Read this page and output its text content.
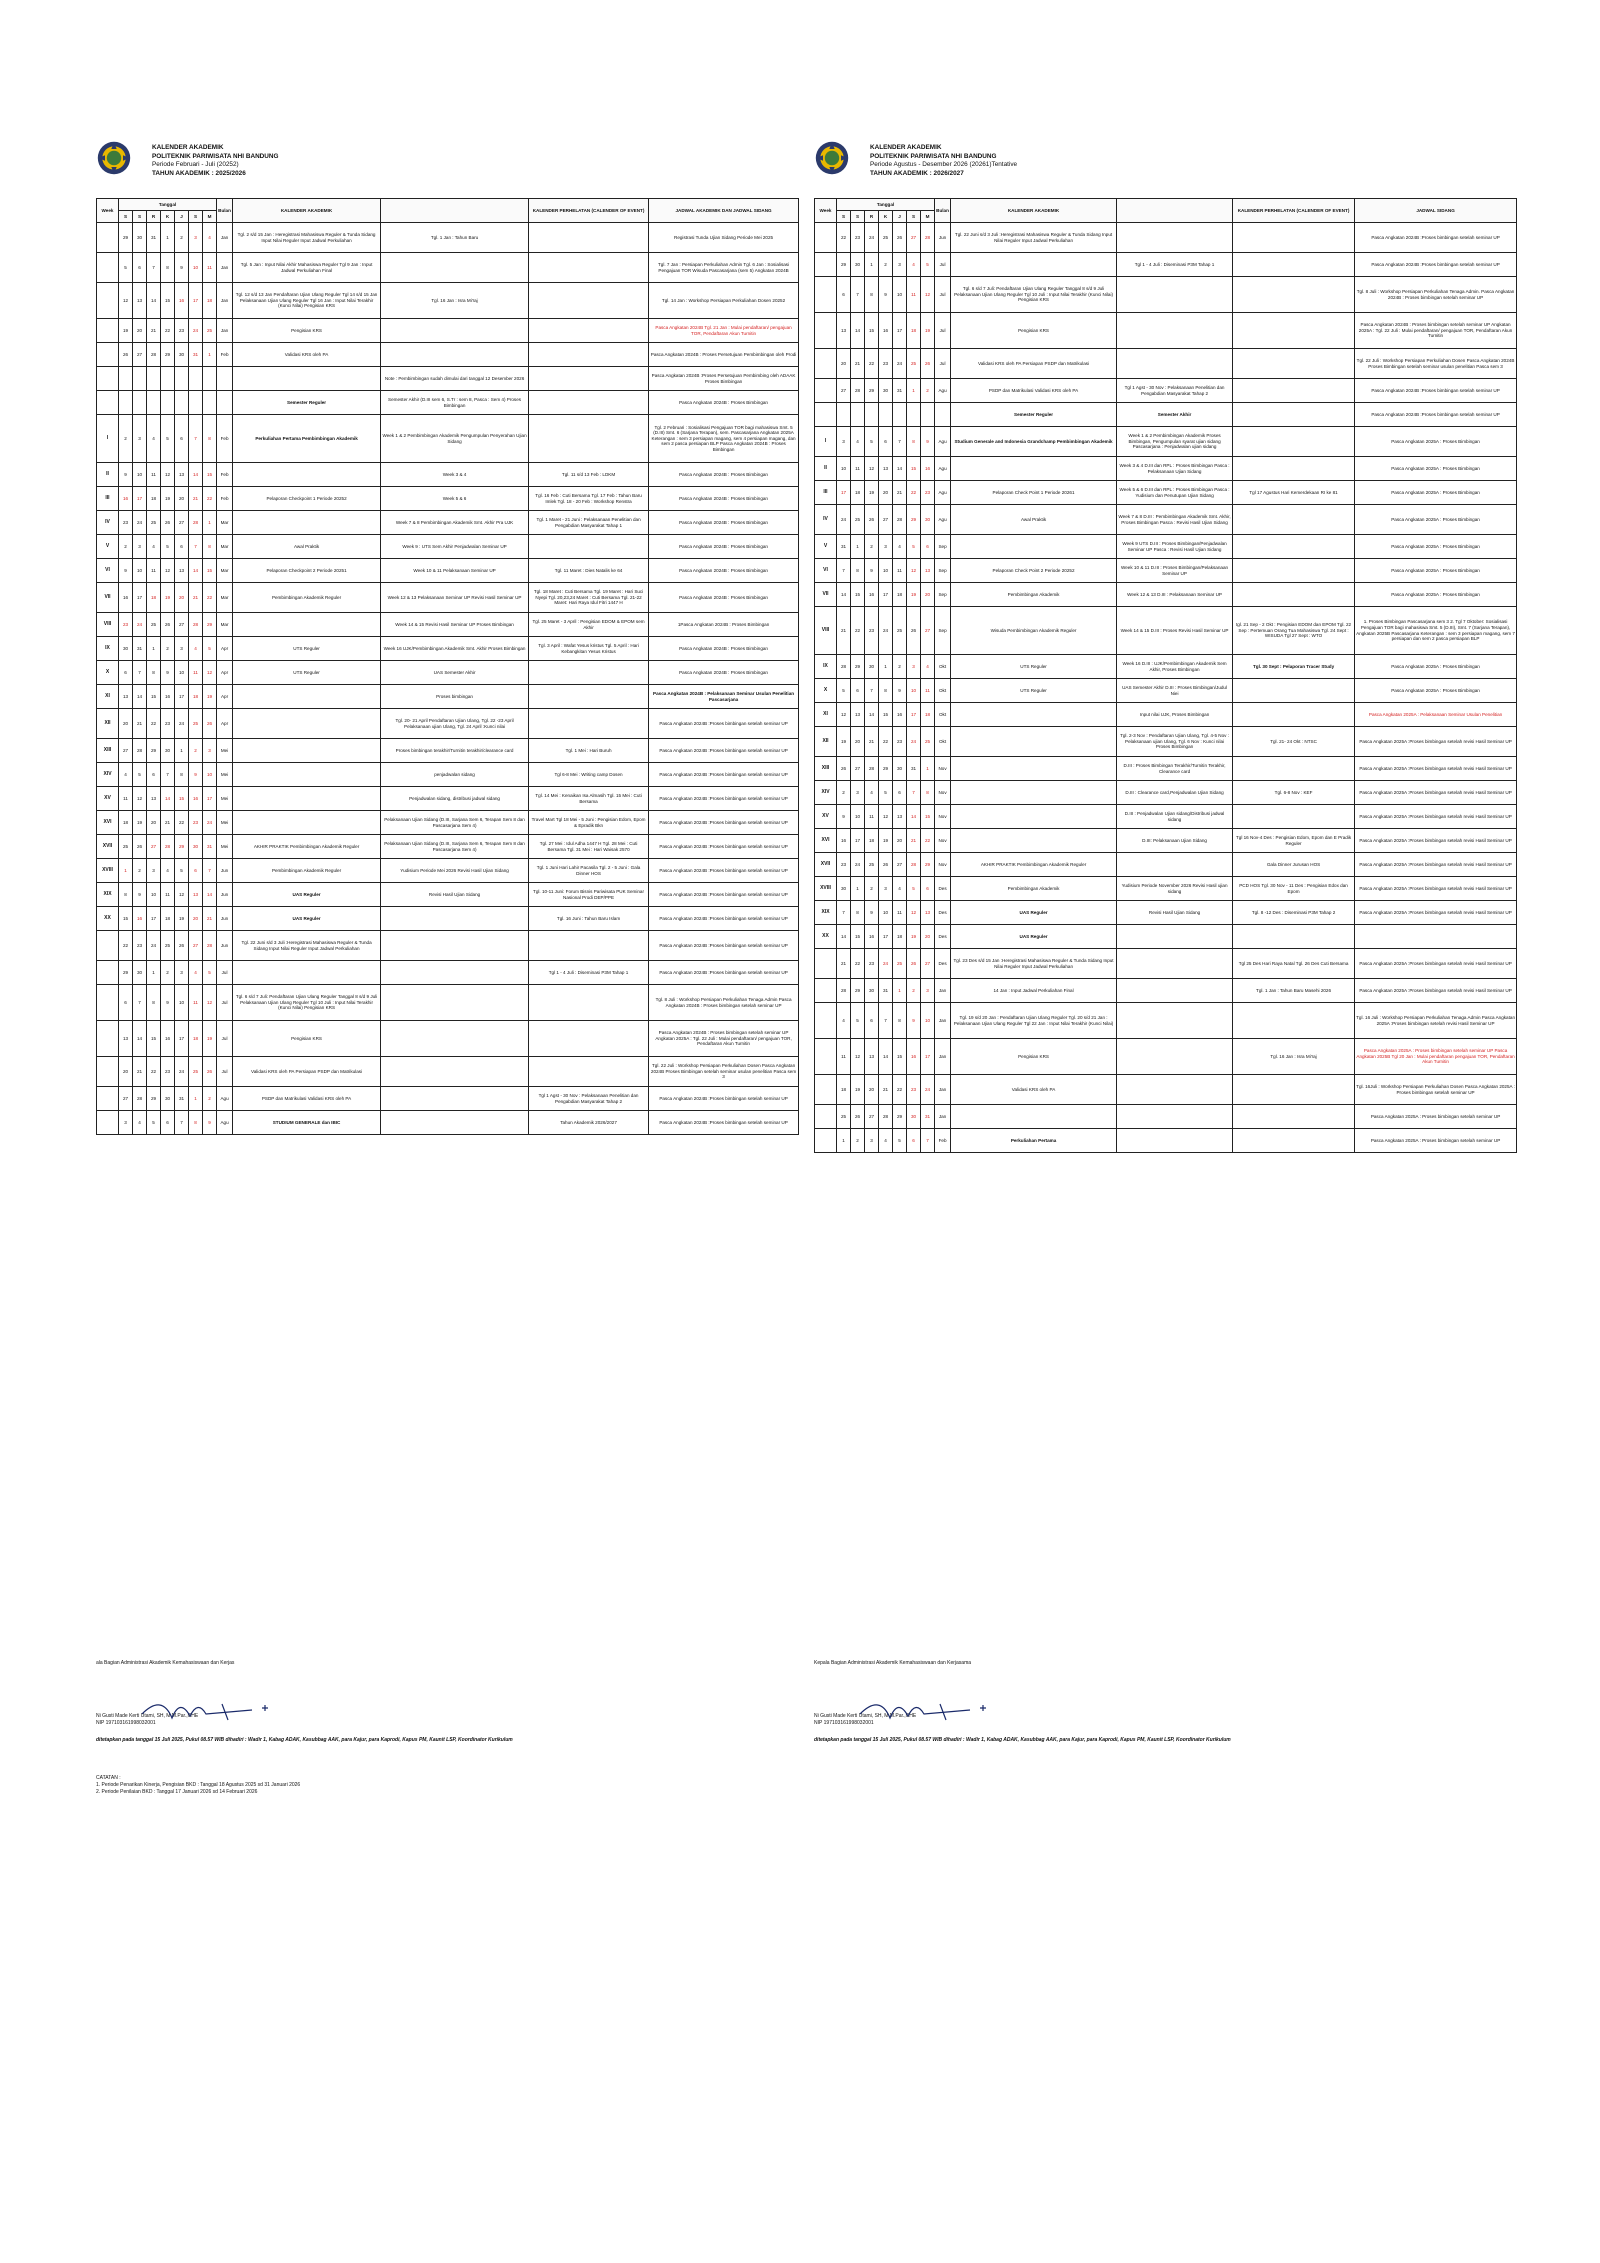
KALENDER AKADEMIK
POLITEKNIK PARIWISATA NHI BANDUNG
Periode Februari - Juli (20252)
TAHUN AKADEMIK : 2025/2026
Week	Tanggal							Bulan	KALENDER AKADEMIK		KALENDER PERHELATAN (CALENDER OF EVENT)	JADWAL AKADEMIK DAN JADWAL SIDANG
	S	S	R	K	J	S	M					
	29	30	31	1	2	3	4	Jan	Tgl. 2 s/d 15 Jan : Heregistrasi Mahasiswa Reguler & Tunda Sidang Input Nilai Reguler Input Jadwal Perkuliahan	Tgl. 1 Jan : Tahun Baru		Registrasi Tunda Ujian Sidang Periode Mei 2025
	5	6	7	8	9	10	11	Jan	Tgl. 5 Jan : Input Nilai Akhir Mahasiswa Reguler Tgl 9 Jan : Input Jadwal Perkuliahan Final			Tgl. 7 Jan : Persiapan Perkuliahan Admin Tgl. 6 Jan : Sosialisasi Pengajuan TOR Wisuda Pascasarjana (sem 5) Angkatan 2024B
	12	13	14	15	16	17	18	Jan	Tgl. 12 s/d 13 Jan Pendaftaran Ujian Ulang Reguler Tgl 14 s/d 15 Jan Pelaksanaan Ujian Ulang Reguler Tgl 16 Jan : Input Nilai Terakhir (Kunci Nilai) Pengisian KRS	Tgl. 16 Jan : Isra Mi'raj		Tgl. 14 Jan : Workshop Persiapan Perkuliahan Dosen 20252
	19	20	21	22	23	24	25	Jan	Pengisian KRS			Pasca Angkatan 2024B Tgl. 21 Jan : Mulai pendaftaran/ pengajuan TOR, Pendaftaran Akun Turnitin
	26	27	28	29	30	31	1	Feb	Validasi KRS oleh PA			Pasca Angkatan 2024B : Proses Persetujuan Pembimbingan oleh Prodi
										Note : Pembimbingan sudah dimulai dari tanggal 12 Desember 2026		Pasca Angkatan 2024B :Proses Persetujuan Pembimbing oleh ADAAK Proses Bimbingan
									Semester Reguler	Semester Akhir (D.III sem 6, S.Tr : sem 8, Pasca : Sem 4) Proses Bimbingan		Pasca Angkatan 2024B : Proses Bimbingan
I	2	3	4	5	6	7	8	Feb	Perkuliahan Pertama Pembimbingan Akademik	Week 1 & 2 Pembimbingan Akademik Pengumpulan Penyerahan Ujian Sidang		Tgl. 2 Februari : Sosialisasi Pengajuan TOR bagi mahasiswa Smt. 5 (D.III) Smt. 6 (Sarjana Terapan), sem. Pascasarjana Angkatan 2025A Keterangan : sem 3 persiapan magang, sem 4 persiapan magang, dan sem 2 pasca persiapan BLP Pasca Angkatan 2024B : Proses Bimbingan
II	9	10	11	12	13	14	15	Feb		Week 3 & 4	Tgl. 11 s/d 13 Feb : LDKM	Pasca Angkatan 2024B : Proses Bimbingan
III	16	17	18	19	20	21	22	Feb	Pelaporan Checkpoint 1 Periode 20252	Week 5 & 6	Tgl. 16 Feb : Cuti Bersama Tgl. 17 Feb : Tahun Baru Imlek Tgl. 18 - 20 Feb : Workshop Renstra	Pasca Angkatan 2024B : Proses Bimbingan
IV	23	24	25	26	27	28	1	Mar		Week 7 & 8 Pembimbingan Akademik Smt. Akhir Pra UJK	Tgl. 1 Maret - 21 Juni : Pelaksanaan Penelitian dan Pengabdian Masyarakat Tahap 1	Pasca Angkatan 2024B : Proses Bimbingan
V	2	3	4	5	6	7	8	Mar	Awal Praktik	Week 9 : UTS Sem Akhir Penjadwalan Seminar UP		Pasca Angkatan 2024B : Proses Bimbingan
VI	9	10	11	12	13	14	15	Mar	Pelaporan Checkpoint 2 Periode 20251	Week 10 & 11 Pelaksanaan Seminar UP	Tgl. 11 Maret : Dies Natalis ke 64	Pasca Angkatan 2024B : Proses Bimbingan
VII	16	17	18	19	20	21	22	Mar	Pembimbingan Akademik Reguler	Week 12 & 13 Pelaksanaan Seminar UP Revisi Hasil Seminar UP	Tgl. 18 Maret : Cuti Bersama Tgl. 19 Maret : Hari Suci Nyepi Tgl. 20,23,24 Maret : Cuti Bersama Tgl. 21-22 Maret: Hari Raya Idul Fitri 1447 H	Pasca Angkatan 2024B : Proses Bimbingan
VIII	23	24	25	26	27	28	29	Mar		Week 14 & 15 Revisi Hasil Seminar UP Proses Bimbingan	Tgl. 25 Maret - 3 April : Pengisian EDOM & EPOM sem Akhir	1Pasca Angkatan 2024B : Proses Bimbingan
IX	30	31	1	2	3	4	5	Apr	UTS Reguler	Week 16 UJK/Pembimbingan Akademik Smt. Akhir Proses Bimbingan	Tgl. 3 April : Wafat Yesus kristus Tgl. 5 April : Hari Kebangkitan Yesus Kristus	Pasca Angkatan 2024B : Proses Bimbingan
X	6	7	8	9	10	11	12	Apr	UTS Reguler	UAS Semester Akhir		Pasca Angkatan 2024B : Proses Bimbingan
XI	13	14	15	16	17	18	19	Apr		Proses bimbingan		Pasca Angkatan 2024B : Pelaksanaan Seminar Usulan Penelitian Pascasarjana
XII	20	21	22	23	24	25	26	Apr		Tgl. 20- 21 April Pendaftaran Ujian Ulang, Tgl. 22 -23 April Pelaksanaan ujian Ulang, Tgl. 24 April :Kunci nilai		Pasca Angkatan 2024B :Proses bimbingan setelah seminar UP
XIII	27	28	29	30	1	2	3	Mei		Proses bimbingan terakhir/Turnitin terakhir/clearance card	Tgl. 1 Mei : Hari Buruh	Pasca Angkatan 2024B :Proses bimbingan setelah seminar UP
XIV	4	5	6	7	8	9	10	Mei		penjadwalan sidang	Tgl 6-8 Mei : Writing camp Dosen	Pasca Angkatan 2024B :Proses bimbingan setelah seminar UP
XV	11	12	13	14	15	16	17	Mei		Penjadwalan sidang, distribusi jadwal sidang	Tgl. 14 Mei : Kenaikan Isa Almasih Tgl. 15 Mei : Cuti Bersama	Pasca Angkatan 2024B :Proses bimbingan setelah seminar UP
XVI	18	19	20	21	22	23	24	Mei		Pelaksanaan Ujian Sidang (D.III, Sarjana Sem 6, Terapan Sem 8 dan Pascasarjana Sem 4)	Travel Mart Tgl 18 Mei - 5 Juni : Pengisian Edom, Epom & Epradik Bkn	Pasca Angkatan 2024B :Proses bimbingan setelah seminar UP
XVII	25	26	27	28	29	30	31	Mei	AKHIR PRAKTIK Pembimbingan Akademik Reguler	Pelaksanaan Ujian Sidang (D.III, Sarjana Sem 6, Terapan Sem 8 dan Pascasarjana Sem 4)	Tgl. 27 Mei : Idul Adha 1447 H Tgl. 28 Mei : Cuti Bersama Tgl. 31 Mei : Hari Waisak 2570	Pasca Angkatan 2024B :Proses bimbingan setelah seminar UP
XVIII	1	2	3	4	5	6	7	Jun	Pembimbingan Akademik Reguler	Yudisium Periode Mei 2026 Revisi Hasil Ujian Sidang	Tgl. 1 Juni Hari Lahir Pacasila Tgl. 2 - 5 Juni : Gala Dinner HOS	Pasca Angkatan 2024B :Proses bimbingan setelah seminar UP
XIX	8	9	10	11	12	13	14	Jun	UAS Reguler	Revisi Hasil Ujian Sidang	Tgl. 10-11 Juni: Forum Bisnis Pariwisata PUK Seminar Nasional Prodi DEP/PPE	Pasca Angkatan 2024B :Proses bimbingan setelah seminar UP
XX	15	16	17	18	19	20	21	Jun	UAS Reguler		Tgl. 16 Juni : Tahun Baru Islam	Pasca Angkatan 2024B :Proses bimbingan setelah seminar UP
	22	23	24	25	26	27	28	Jun	Tgl. 22 Juni s/d 3 Juli :Heregistrasi Mahasiswa Reguler & Tunda Sidang Input Nilai Reguler Input Jadwal Perkuliahan			Pasca Angkatan 2024B :Proses bimbingan setelah seminar UP
	29	30	1	2	3	4	5	Jul			Tgl 1 - 4 Juli : Diseminasi P3M Tahap 1	Pasca Angkatan 2024B :Proses bimbingan setelah seminar UP
	6	7	8	9	10	11	12	Jul	Tgl. 6 s/d 7 Juli: Pendaftaran Ujian Ulang Reguler Tanggal 8 s/d 9 Juli Pelaksanaan Ujian Ulang Reguler Tgl 10 Juli : Input Nilai Terakhir (Kunci Nilai) Pengisian KRS			Tgl. 8 Juli : Workshop Persiapan Perkuliahan Tenaga Admin Pasca Angkatan 2024B : Proses bimbingan setelah seminar UP
	13	14	15	16	17	18	19	Jul	Pengisian KRS			Pasca Angkatan 2024B : Proses bimbingan setelah seminar UP Angkatan 2025A : Tgl. 22 Juli : Mulai pendaftaran/ pengajuan TOR, Pendaftaran Akun Turnitin
	20	21	22	23	24	25	26	Jul	Validasi KRS oleh PA Persiapan PSDP dan Matrikulasi			Tgl. 22 Juli : Workshop Persiapan Perkuliahan Dosen Pasca Angkatan 2024B Proses Bimbingan setelah seminar usulan penelitian Pasca sem 3
	27	28	29	30	31	1	2	Agu	PSDP dan Matrikulasi Validasi KRS oleh PA		Tgl 1 Agst - 30 Nov : Pelaksanaan Penelitian dan Pengabdian Masyarakat Tahap 2	Pasca Angkatan 2024B :Proses bimbingan setelah seminar UP
	3	4	5	6	7	8	9	Agu	STUDIUM GENERALE dan IBIC		Tahun Akademik 2026/2027	Pasca Angkatan 2024B :Proses bimbingan setelah seminar UP
KALENDER AKADEMIK
POLITEKNIK PARIWISATA NHI BANDUNG
Periode Agustus - Desember 2026 (20261)Tentative
TAHUN AKADEMIK : 2026/2027
Week	Tanggal							Bulan	KALENDER AKADEMIK		KALENDER PERHELATAN (CALENDER OF EVENT)	JADWAL SIDANG
	S	S	R	K	J	S	M					
	22	23	24	25	26	27	28	Jun	Tgl. 22 Juni s/d 3 Juli :Heregistrasi Mahasiswa Reguler & Tunda Sidang Input Nilai Reguler Input Jadwal Perkuliahan			Pasca Angkatan 2024B :Proses bimbingan setelah seminar UP
	29	30	1	2	3	4	5	Jul		Tgl 1 - 4 Juli : Diseminasi P3M Tahap 1		Pasca Angkatan 2024B :Proses bimbingan setelah seminar UP
	6	7	8	9	10	11	12	Jul	Tgl. 6 s/d 7 Juli: Pendaftaran Ujian Ulang Reguler Tanggal 8 s/d 9 Juli Pelaksanaan Ujian Ulang Reguler Tgl 10 Juli : Input Nilai Terakhir (Kunci Nilai) Pengisian KRS			Tgl. 8 Juli : Workshop Persiapan Perkuliahan Tenaga Admin. Pasca Angkatan 2024B : Proses bimbingan setelah seminar UP
	13	14	15	16	17	18	19	Jul	Pengisian KRS			Pasca Angkatan 2024B : Proses bimbingan setelah seminar UP Angkatan 2025A : Tgl. 22 Juli : Mulai pendaftaran/ pengajuan TOR, Pendaftaran Akun Turnitin
	20	21	22	23	24	25	26	Jul	Validasi KRS oleh PA Persiapan PSDP dan Matrikulasi			Tgl. 22 Juli : Workshop Persiapan Perkuliahan Dosen Pasca Angkatan 2024B Proses Bimbingan setelah seminar usulan penelitian Pasca sem 3
	27	28	29	30	31	1	2	Agu	PSDP dan Matrikulasi Validasi KRS oleh PA	Tgl 1 Agst - 30 Nov : Pelaksanaan Penelitian dan Pengabdian Masyarakat Tahap 2		Pasca Angkatan 2024B :Proses bimbingan setelah seminar UP
									Semester Reguler	Semester Akhir		Pasca Angkatan 2024B :Proses bimbingan setelah seminar UP
I	3	4	5	6	7	8	9	Agu	Studium Generale and Indonesia Grandchamp Pembimbingan Akademik	Week 1 & 2 Pembimbingan Akademik Proses Bimbingan, Pengumpulan syarat ujian sidang Pascasarjana : Penjadwalan ujian sidang		Pasca Angkatan 2025A : Proses Bimbingan
II	10	11	12	13	14	15	16	Agu		Week 3 & 4 D.III dan RPL : Proses Bimbingan Pasca : Pelaksanaan Ujian Sidang		Pasca Angkatan 2025A : Proses Bimbingan
III	17	18	19	20	21	22	23	Agu	Pelaporan Check Point 1 Periode 20261	Week 5 & 6 D.III dan RPL : Proses Bimbingan Pasca : Yudisium dan Penutupan Ujian Sidang	Tgl 17 Agustus Hari Kemerdekaan RI ke 81	Pasca Angkatan 2025A : Proses Bimbingan
IV	24	25	26	27	28	29	30	Agu	Awal Praktik	Week 7 & 8 D.III : Pembimbingan Akademik Smt. Akhir, Proses Bimbingan Pasca : Revisi Hasil Ujian Sidang		Pasca Angkatan 2025A : Proses Bimbingan
V	31	1	2	3	4	5	6	Sep		Week 9 UTS D.III : Proses Bimbingan/Penjadwalan Seminar UP Pasca : Revisi Hasil Ujian Sidang		Pasca Angkatan 2025A : Proses Bimbingan
VI	7	8	9	10	11	12	13	Sep	Pelaporan Check Point 2 Periode 20252	Week 10 & 11 D.III : Proses Bimbingan/Pelaksanaan Seminar UP		Pasca Angkatan 2025A : Proses Bimbingan
VII	14	15	16	17	18	19	20	Sep	Pembimbingan Akademik	Week 12 & 13 D.III : Pelaksanaan Seminar UP		Pasca Angkatan 2025A : Proses Bimbingan
VIII	21	22	23	24	25	26	27	Sep	Wisuda Pembimbingan Akademik Reguler	Week 14 & 15 D.III : Proses Revisi Hasil Seminar UP	tgl. 21 Sep - 2 Okt : Pengisian EDOM dan EPOM Tgl. 22 Sep : Pertemuan Orang Tua Mahasiswa Tgl. 24 Sept : WISUDA Tgl 27 Sept : WTO	1. Proses Bimbingan Pascasarjana sem 3 2. Tgl 7 Oktober: Sosialisasi Pengajuan TOR bagi mahasiswa Smt. 5 (D.III), Smt. 7 (Sarjana Terapan), Angkatan 2025B Pascasarjana Keterangan : sem 3 persiapan magang, sem 7 persiapan dan sem 2 pasca persiapan BLP
IX	28	29	30	1	2	3	4	Okt	UTS Reguler	Week 16 D.III : UJK/Pembimbingan Akademik Sem Akhir, Proses Bimbingan	Tgl. 30 Sept : Pelaporan Tracer Study	Pasca Angkatan 2025A : Proses Bimbingan
X	5	6	7	8	9	10	11	Okt	UTS Reguler	UAS Semester Akhir D.III : Proses Bimbingan/Judul Niei		Pasca Angkatan 2025A : Proses Bimbingan
XI	12	13	14	15	16	17	18	Okt		Input nilai UJK, Proses Bimbingan		Pasca Angkatan 2025A : Pelaksanaan Seminar Usulan Penelitian
XII	19	20	21	22	23	24	25	Okt		Tgl. 2-3 Nov : Pendaftaran Ujian Ulang, Tgl. 4-5 Nov : Pelaksanaan ujian Ulang, Tgl. 6 Nov : Kunci nilai Proses Bimbingan	Tgl. 21- 24 Okt : NTSC	Pasca Angkatan 2025A :Proses bimbingan setelah revisi Hasil Seminar UP
XIII	26	27	28	29	30	31	1	Nov		D.III : Proses Bimbingan Terakhir/Turnitin Terakhir, Clearance card		Pasca Angkatan 2025A :Proses bimbingan setelah revisi Hasil Seminar UP
XIV	2	3	4	5	6	7	8	Nov		D.III : Clearance card,Penjadwalan Ujian Sidang	Tgl. 6-8 Nov : KEF	Pasca Angkatan 2025A :Proses bimbingan setelah revisi Hasil Seminar UP
XV	9	10	11	12	13	14	15	Nov		D.III : Penjadwalan Ujian sidang/Distribusi jadwal sidang		Pasca Angkatan 2025A :Proses bimbingan setelah revisi Hasil Seminar UP
XVI	16	17	18	19	20	21	22	Nov		D.III: Pelaksanaan Ujian Sidang	Tgl 16 Nov-4 Des : Pengisian Edom, Epom dan E Pradik Reguler	Pasca Angkatan 2025A :Proses bimbingan setelah revisi Hasil Seminar UP
XVII	23	24	25	26	27	28	29	Nov	AKHIR PRAKTIK Pembimbingan Akademik Reguler		Gala Dinner Jurusan HOS	Pasca Angkatan 2025A :Proses bimbingan setelah revisi Hasil Seminar UP
XVIII	30	1	2	3	4	5	6	Des	Pembimbingan Akademik	Yudisium Periode November 2026 Revisi Hasil ujian sidang	PCD HOS Tgl. 30 Nov - 11 Des : Pengisian Edox dan Epom	Pasca Angkatan 2025A :Proses bimbingan setelah revisi Hasil Seminar UP
XIX	7	8	9	10	11	12	13	Des	UAS Reguler	Revisi Hasil Ujian Sidang	Tgl. 8 -12 Des : Diseminasi P3M Tahap 2	Pasca Angkatan 2025A :Proses bimbingan setelah revisi Hasil Seminar UP
XX	14	15	16	17	18	19	20	Des	UAS Reguler			
	21	22	23	24	25	26	27	Des	Tgl. 23 Des s/d 15 Jan :Heregistrasi Mahasiswa Reguler & Tunda Sidang Input Nilai Reguler Input Jadwal Perkuliahan		Tgl 25 Des Hari Raya Natal Tgl. 26 Des Cuti Bersama	Pasca Angkatan 2025A :Proses bimbingan setelah revisi Hasil Seminar UP
	28	29	30	31	1	2	3	Jan	14 Jan : Input Jadwal Perkuliahan Final		Tgl. 1 Jan : Tahun Baru Masehi 2026	Pasca Angkatan 2025A :Proses bimbingan setelah revisi Hasil Seminar UP
	4	5	6	7	8	9	10	Jan	Tgl. 19 s/d 20 Jan : Pendaftaran Ujian Ulang Reguler Tgl. 20 s/d 21 Jan : Pelaksanaan Ujian Ulang Reguler Tgl 22 Jan : Input Nilai Terakhir (Kunci Nilai)			Tgl. 16 Juli : Workshop Persiapan Perkuliahan Tenaga Admin Pasca Angkatan 2025A :Proses bimbingan setelah revisi Hasil Seminar UP
	11	12	13	14	15	16	17	Jan	Pengisian KRS		Tgl. 16 Jan : Isra Mi'raj	Pasca Angkatan 2025A : Proses bimbingan setelah seminar UP Pasca Angkatan 2025B Tgl 20 Jan : Mulai pendaftaran pengajuan TOR, Pendaftaran Akun Turnitin
	18	19	20	21	22	23	24	Jan	Validasi KRS oleh PA			Tgl. 16Juli : Workshop Persiapan Perkuliahan Dosen Pasca Angkatan 2025A : Proses bimbingan setelah seminar UP
	25	26	27	28	29	30	31	Jan				Pasca Angkatan 2025A : Proses bimbingan setelah seminar UP
	1	2	3	4	5	6	7	Feb	Perkuliahan Pertama			Pasca Angkatan 2025A : Proses bimbingan setelah seminar UP
ala Bagian Administrasi Akademik Kemahasiswaan dan Kerjas
Ni Gusti Made Kerti Utami, SH, M.M.Par.,CHE
NIP 197103161998032001
ditetapkan pada tanggal 15 Juli 2025, Pukul 08.57 WIB dihadiri : Wadir 1, Kabag ADAK, Kasubbag AAK, para Kajur, para Kaprodi, Kapus PM, Kaunit LSP, Koordinator Kurikulum
Kepala Bagian Administrasi Akademik Kemahasiswaan dan Kerjasama
Ni Gusti Made Kerti Utami, SH, M.M.Par.,CHE
NIP 197103161998032001
ditetapkan pada tanggal 15 Juli 2025, Pukul 08.57 WIB dihadiri : Wadir 1, Kabag ADAK, Kasubbag AAK, para Kajur, para Kaprodi, Kapus PM, Kaunit LSP, Koordinator Kurikulum
CATATAN :
1. Periode Penarikan Kinerja, Pengisian BKD : Tanggal 18 Agustus 2025 sd 31 Januari 2026
2. Periode Penilaian BKD : Tanggal 17 Januari 2026 sd 14 Februari 2026
